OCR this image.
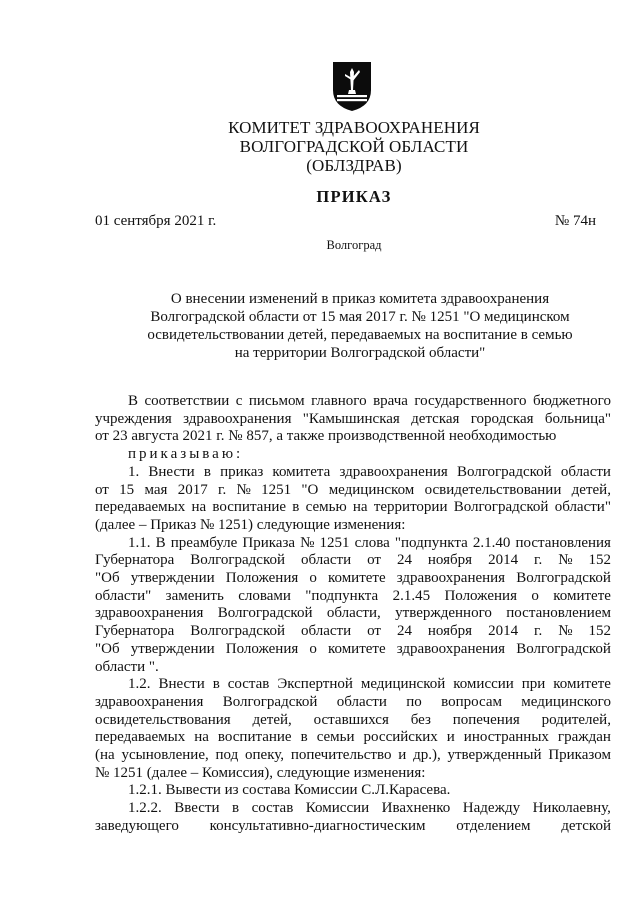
КОМИТЕТ ЗДРАВООХРАНЕНИЯ
ВОЛГОГРАДСКОЙ ОБЛАСТИ
(ОБЛЗДРАВ)
ПРИКАЗ
01 сентября 2021 г.	№ 74н
Волгоград
О внесении изменений в приказ комитета здравоохранения
Волгоградской области от 15 мая 2017 г. № 1251 "О медицинском
освидетельствовании детей, передаваемых на воспитание в семью
на территории Волгоградской области"
В соответствии с письмом главного врача государственного бюджетного
учреждения здравоохранения "Камышинская детская городская больница"
от 23 августа 2021 г. № 857, а также производственной необходимостью
приказываю:
1. Внести в приказ комитета здравоохранения Волгоградской области
от 15 мая 2017 г. № 1251 "О медицинском освидетельствовании детей,
передаваемых на воспитание в семью на территории Волгоградской области"
(далее – Приказ № 1251) следующие изменения:
1.1. В преамбуле Приказа № 1251 слова "подпункта 2.1.40 постановления
Губернатора Волгоградской области от 24 ноября 2014 г. № 152
"Об утверждении Положения о комитете здравоохранения Волгоградской
области" заменить словами "подпункта 2.1.45 Положения о комитете
здравоохранения Волгоградской области, утвержденного постановлением
Губернатора Волгоградской области от 24 ноября 2014 г. № 152
"Об утверждении Положения о комитете здравоохранения Волгоградской
области ".
1.2. Внести в состав Экспертной медицинской комиссии при комитете
здравоохранения Волгоградской области по вопросам медицинского
освидетельствования детей, оставшихся без попечения родителей,
передаваемых на воспитание в семьи российских и иностранных граждан
(на усыновление, под опеку, попечительство и др.), утвержденный Приказом
№ 1251 (далее – Комиссия), следующие изменения:
1.2.1. Вывести из состава Комиссии С.Л.Карасева.
1.2.2. Ввести в состав Комиссии Ивахненко Надежду Николаевну,
заведующего консультативно-диагностическим отделением детской
